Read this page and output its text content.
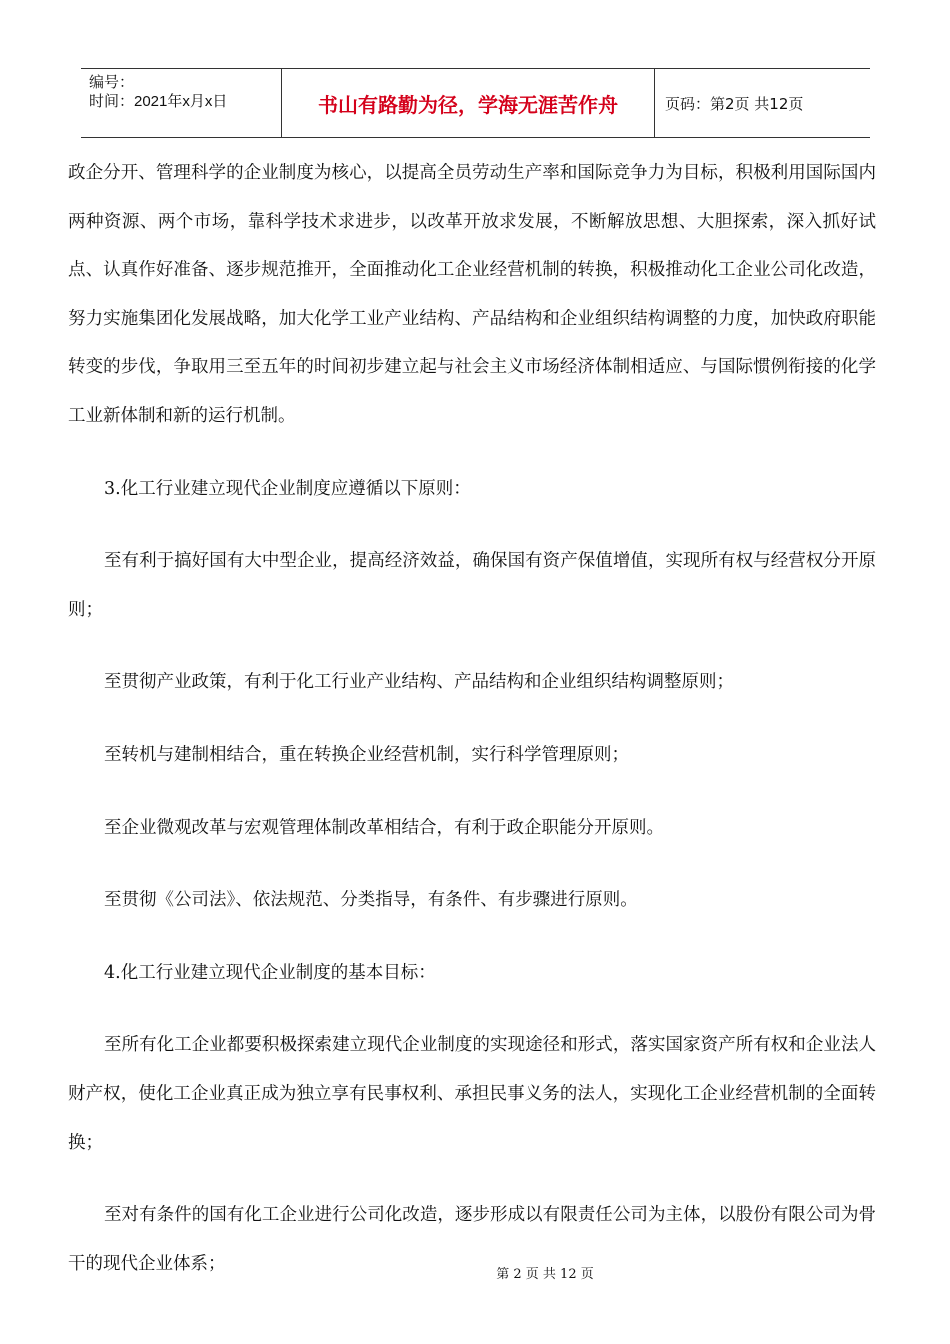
编号：
时间：2021年x月x日	书山有路勤为径，学海无涯苦作舟	页码：第2页 共12页

政企分开、管理科学的企业制度为核心，以提高全员劳动生产率和国际竞争力为目标，积极利用国际国内两种资源、两个市场，靠科学技术求进步，以改革开放求发展，不断解放思想、大胆探索，深入抓好试点、认真作好准备、逐步规范推开，全面推动化工企业经营机制的转换，积极推动化工企业公司化改造，努力实施集团化发展战略，加大化学工业产业结构、产品结构和企业组织结构调整的力度，加快政府职能转变的步伐，争取用三至五年的时间初步建立起与社会主义市场经济体制相适应、与国际惯例衔接的化学工业新体制和新的运行机制。

3.化工行业建立现代企业制度应遵循以下原则：

至有利于搞好国有大中型企业，提高经济效益，确保国有资产保值增值，实现所有权与经营权分开原则；

至贯彻产业政策，有利于化工行业产业结构、产品结构和企业组织结构调整原则；

至转机与建制相结合，重在转换企业经营机制，实行科学管理原则；

至企业微观改革与宏观管理体制改革相结合，有利于政企职能分开原则。

至贯彻《公司法》、依法规范、分类指导，有条件、有步骤进行原则。

4.化工行业建立现代企业制度的基本目标：

至所有化工企业都要积极探索建立现代企业制度的实现途径和形式，落实国家资产所有权和企业法人财产权，使化工企业真正成为独立享有民事权利、承担民事义务的法人，实现化工企业经营机制的全面转换；

至对有条件的国有化工企业进行公司化改造，逐步形成以有限责任公司为主体，以股份有限公司为骨干的现代企业体系；

第 2 页 共 12 页
